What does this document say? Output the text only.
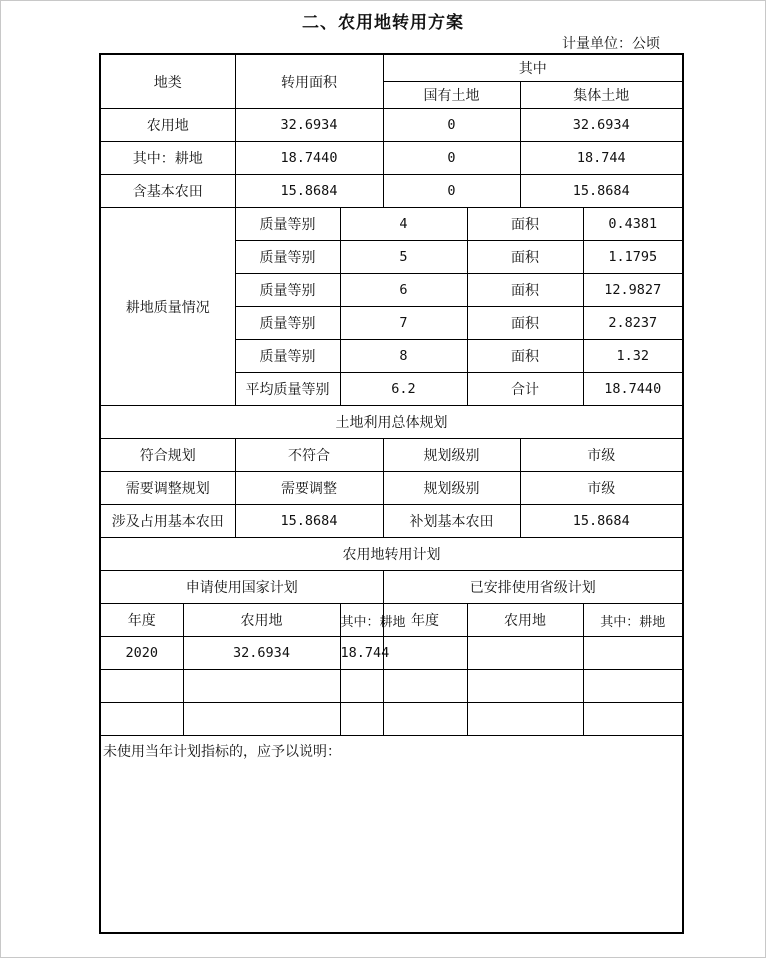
二、农用地转用方案
计量单位：公顷
地类		转用面积		其中			
				国有土地		集体土地	
农用地		32.6934		0		32.6934	
其中：耕地		18.7440		0		18.744	
含基本农田		15.8684		0		15.8684	
耕地质量情况		质量等别	4		面积		0.4381
		质量等别	5		面积		1.1795
		质量等别	6		面积		12.9827
		质量等别	7		面积		2.8237
		质量等别	8		面积		1.32
		平均质量等别	6.2		合计		18.7440
土地利用总体规划							
符合规划		不符合		规划级别		市级	
需要调整规划		需要调整		规划级别		市级	
涉及占用基本农田		15.8684		补划基本农田		15.8684	
农用地转用计划							
申请使用国家计划				已安排使用省级计划			
年度	农用地		其中：耕地	年度	农用地		其中：耕地
2020	32.6934		18.744				

未使用当年计划指标的，应予以说明：							
